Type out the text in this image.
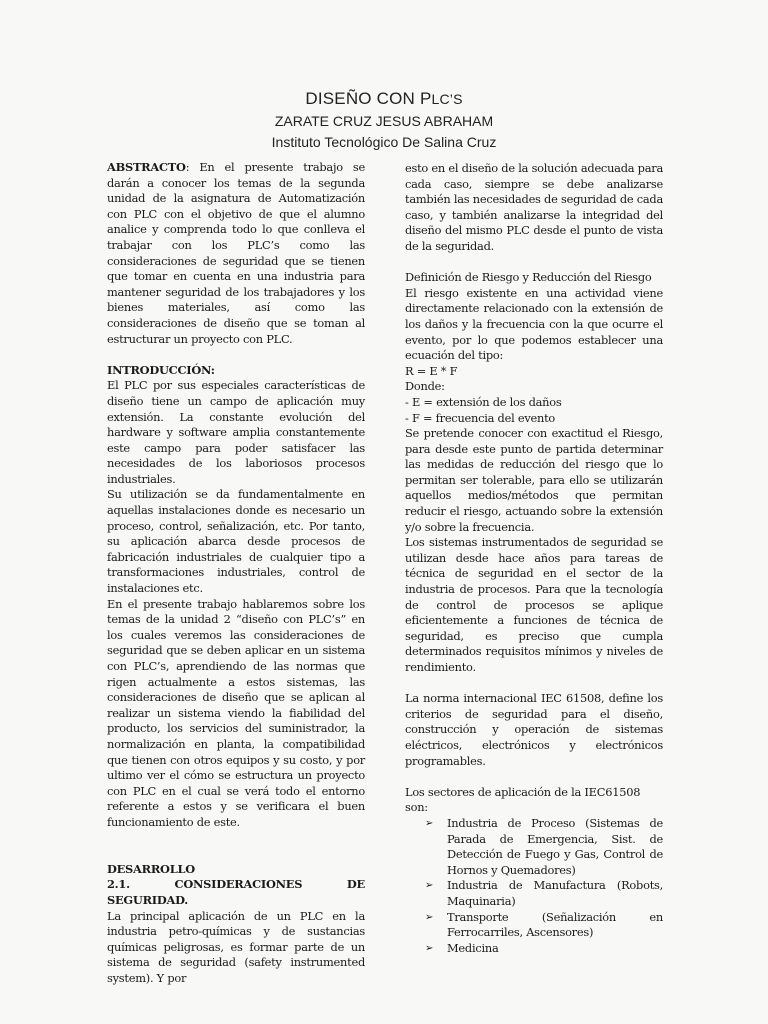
DISEÑO CON PLC’S

ZARATE CRUZ JESUS ABRAHAM

Instituto Tecnológico De Salina Cruz

ABSTRACTO: En el presente trabajo se darán a conocer los temas de la segunda unidad de la asignatura de Automatización con PLC con el objetivo de que el alumno analice y comprenda todo lo que conlleva el trabajar con los PLC’s como las consideraciones de seguridad que se tienen que tomar en cuenta en una industria para mantener seguridad de los trabajadores y los bienes materiales, así como las consideraciones de diseño que se toman al estructurar un proyecto con PLC.

INTRODUCCIÓN:

El PLC por sus especiales características de diseño tiene un campo de aplicación muy extensión. La constante evolución del hardware y software amplia constantemente este campo para poder satisfacer las necesidades de los laboriosos procesos industriales.

Su utilización se da fundamentalmente en aquellas instalaciones donde es necesario un proceso, control, señalización, etc. Por tanto, su aplicación abarca desde procesos de fabricación industriales de cualquier tipo a transformaciones industriales, control de instalaciones etc.

En el presente trabajo hablaremos sobre los temas de la unidad 2 “diseño con PLC’s” en los cuales veremos las consideraciones de seguridad que se deben aplicar en un sistema con PLC’s, aprendiendo de las normas que rigen actualmente a estos sistemas, las consideraciones de diseño que se aplican al realizar un sistema viendo la fiabilidad del producto, los servicios del suministrador, la normalización en planta, la compatibilidad que tienen con otros equipos y su costo, y por ultimo ver el cómo se estructura un proyecto con PLC en el cual se verá todo el entorno referente a estos y se verificara el buen funcionamiento de este.

DESARROLLO

2.1. CONSIDERACIONES DE SEGURIDAD.

La principal aplicación de un PLC en la industria petro-químicas y de sustancias químicas peligrosas, es formar parte de un sistema de seguridad (safety instrumented system). Y por

esto en el diseño de la solución adecuada para cada caso, siempre se debe analizarse también las necesidades de seguridad de cada caso, y también analizarse la integridad del diseño del mismo PLC desde el punto de vista de la seguridad.

Definición de Riesgo y Reducción del Riesgo

El riesgo existente en una actividad viene directamente relacionado con la extensión de los daños y la frecuencia con la que ocurre el evento, por lo que podemos establecer una ecuación del tipo:

R = E * F

Donde:

- E = extensión de los daños

- F = frecuencia del evento

Se pretende conocer con exactitud el Riesgo, para desde este punto de partida determinar las medidas de reducción del riesgo que lo permitan ser tolerable, para ello se utilizarán aquellos medios/métodos que permitan reducir el riesgo, actuando sobre la extensión y/o sobre la frecuencia.

Los sistemas instrumentados de seguridad se utilizan desde hace años para tareas de técnica de seguridad en el sector de la industria de procesos. Para que la tecnología de control de procesos se aplique eficientemente a funciones de técnica de seguridad, es preciso que cumpla determinados requisitos mínimos y niveles de rendimiento.

La norma internacional IEC 61508, define los criterios de seguridad para el diseño, construcción y operación de sistemas eléctricos, electrónicos y electrónicos programables.

Los sectores de aplicación de la IEC61508 son:

➢ Industria de Proceso (Sistemas de Parada de Emergencia, Sist. de Detección de Fuego y Gas, Control de Hornos y Quemadores)
➢ Industria de Manufactura (Robots, Maquinaria)
➢ Transporte (Señalización en Ferrocarriles, Ascensores)
➢ Medicina
